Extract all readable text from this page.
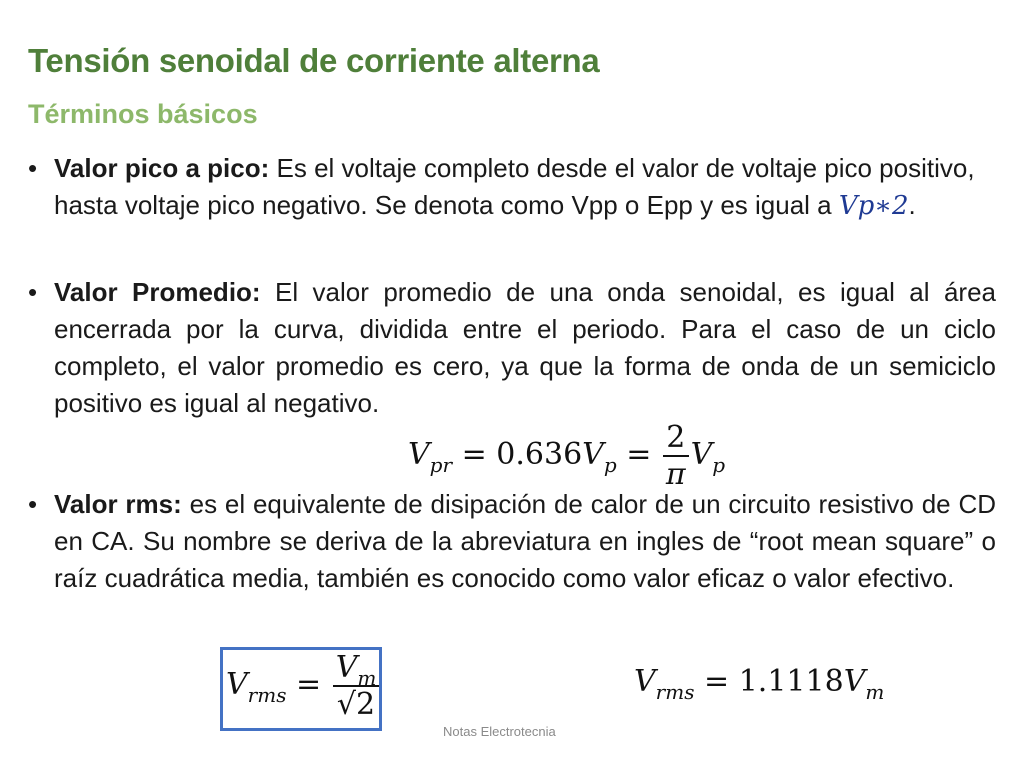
Tensión senoidal de corriente alterna
Términos básicos
• Valor pico a pico: Es el voltaje completo desde el valor de voltaje pico positivo, hasta voltaje pico negativo. Se denota como Vpp o Epp y es igual a Vp∗2.
• Valor Promedio: El valor promedio de una onda senoidal, es igual al área encerrada por la curva, dividida entre el periodo. Para el caso de un ciclo completo, el valor promedio es cero, ya que la forma de onda de un semiciclo positivo es igual al negativo.
$V_{pr} = 0.636V_p = \frac{2}{\pi} V_p$
• Valor rms: es el equivalente de disipación de calor de un circuito resistivo de CD en CA. Su nombre se deriva de la abreviatura en ingles de “root mean square” o raíz cuadrática media, también es conocido como valor eficaz o valor efectivo.
$V_{rms} = \frac{V_m}{√2}$	$V_{rms} = 1.1118V_m$
Notas Electrotecnia
